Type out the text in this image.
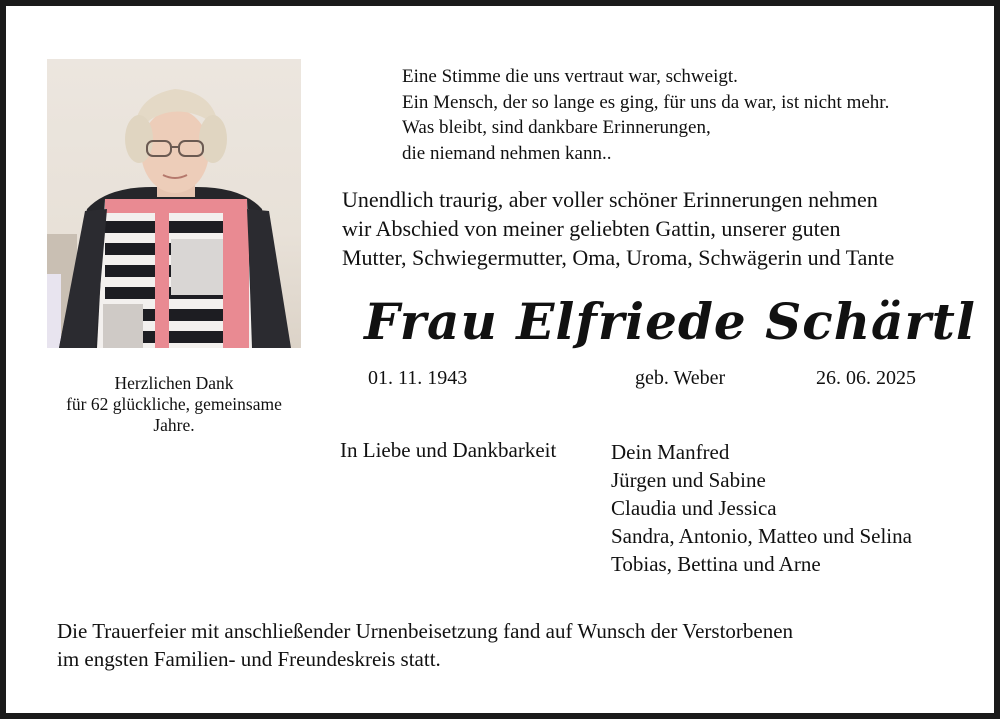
Herzlichen Dank
für 62 glückliche, gemeinsame
Jahre.
Eine Stimme die uns vertraut war, schweigt.
Ein Mensch, der so lange es ging, für uns da war, ist nicht mehr.
Was bleibt, sind dankbare Erinnerungen,
die niemand nehmen kann..
Unendlich traurig, aber voller schöner Erinnerungen nehmen
wir Abschied von meiner geliebten Gattin, unserer guten
Mutter, Schwiegermutter, Oma, Uroma, Schwägerin und Tante
Frau Elfriede Schärtl
01. 11. 1943	geb. Weber	26. 06. 2025
In Liebe und Dankbarkeit	Dein Manfred
Jürgen und Sabine
Claudia und Jessica
Sandra, Antonio, Matteo und Selina
Tobias, Bettina und Arne
Die Trauerfeier mit anschließender Urnenbeisetzung fand auf Wunsch der Verstorbenen
im engsten Familien- und Freundeskreis statt.
